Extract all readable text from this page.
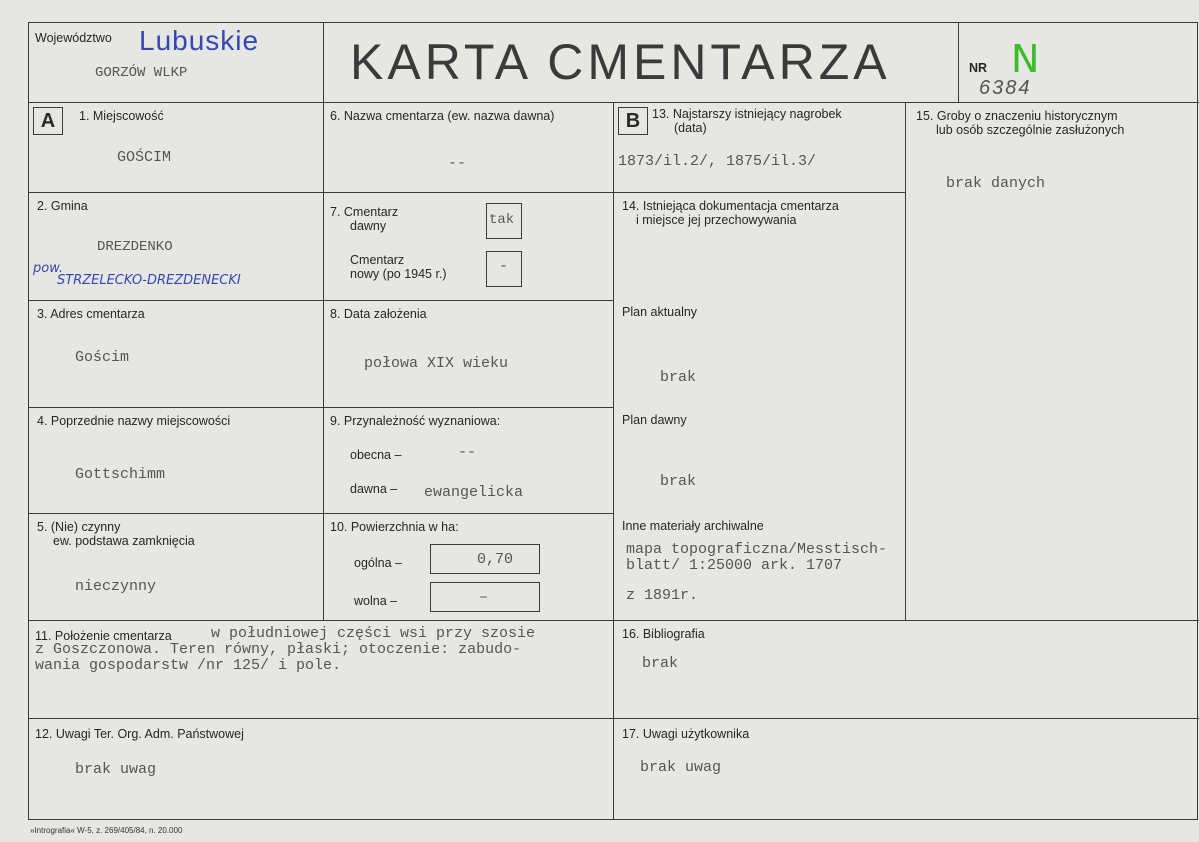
Województwo Lubuskie
GORZÓW WLKP	KARTA CMENTARZA	NR N
6384
A	1. Miejscowość
GOŚCIM
2. Gmina
DREZDENKO
pow.
STRZELECKO-DREZDENECKI
3. Adres cmentarza
Gościm
4. Poprzednie nazwy miejscowości
Gottschimm
5. (Nie) czynny
ew. podstawa zamknięcia
nieczynny
6. Nazwa cmentarza (ew. nazwa dawna)
--
7. Cmentarz
dawny	tak
Cmentarz
nowy (po 1945 r.)	-
8. Data założenia
połowa XIX wieku
9. Przynależność wyznaniowa:
obecna –	--
dawna – ewangelicka
10. Powierzchnia w ha:
ogólna –	0,70
wolna –	–
B 13. Najstarszy istniejący nagrobek
(data)
1873/il.2/, 1875/il.3/
14. Istniejąca dokumentacja cmentarza
i miejsce jej przechowywania
Plan aktualny
brak
Plan dawny
brak
Inne materiały archiwalne
mapa topograficzna/Messtisch-
blatt/ 1:25000 ark. 1707
z 1891r.
15. Groby o znaczeniu historycznym
lub osób szczególnie zasłużonych
brak danych
11. Położenie cmentarza	w południowej części wsi przy szosie
z Goszczonowa. Teren równy, płaski; otoczenie: zabudo-
wania gospodarstw /nr 125/ i pole.
16. Bibliografia
brak
12. Uwagi Ter. Org. Adm. Państwowej
brak uwag
17. Uwagi użytkownika
brak uwag
»Intrografia« W-5, z. 269/405/84, n. 20.000
